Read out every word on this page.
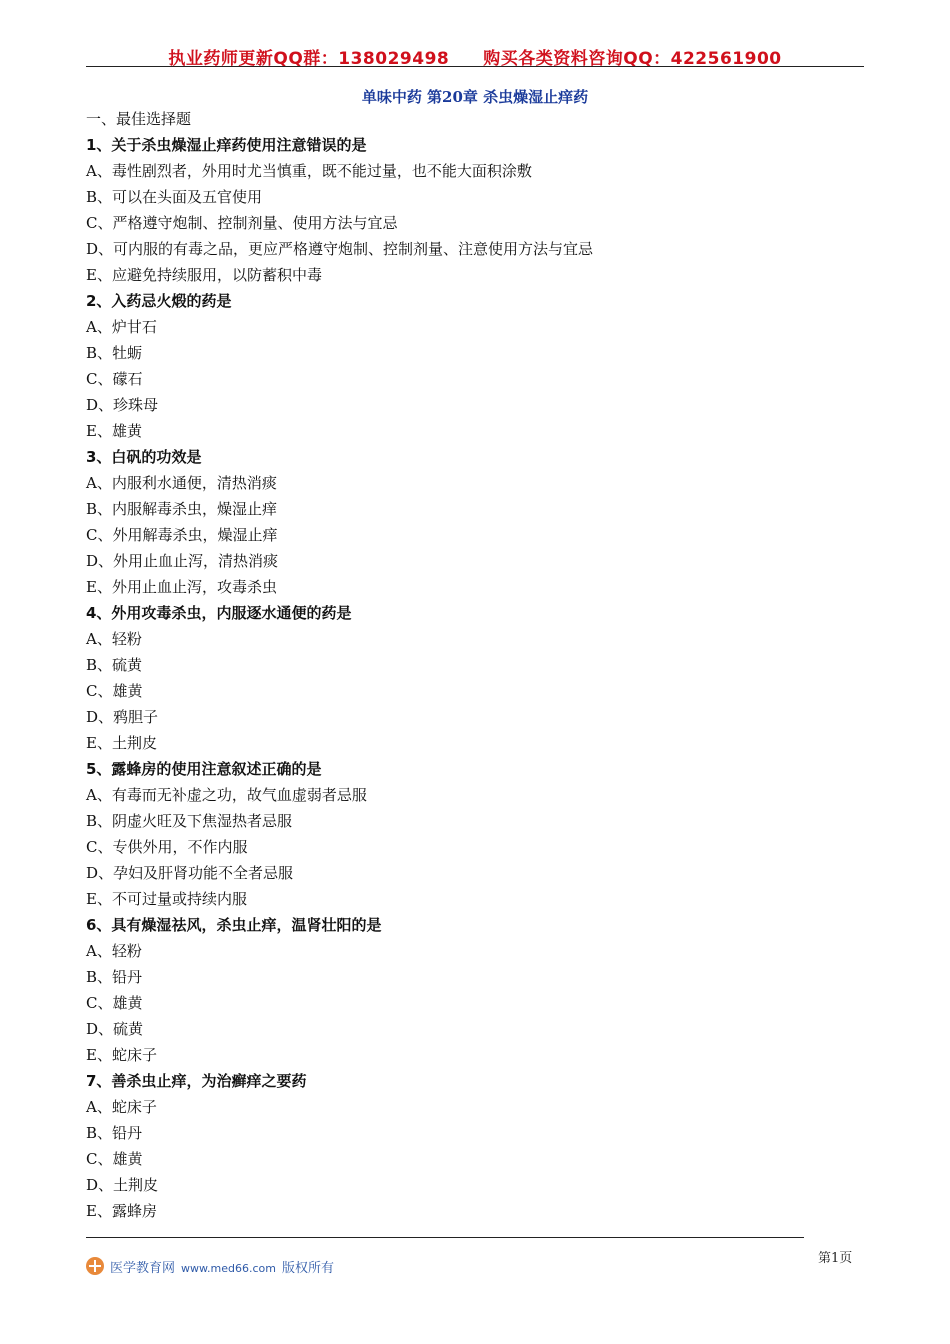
执业药师更新QQ群：138029498 购买各类资料咨询QQ：422561900
单味中药 第20章 杀虫燥湿止痒药
一、最佳选择题
1、关于杀虫燥湿止痒药使用注意错误的是
A、毒性剧烈者，外用时尤当慎重，既不能过量，也不能大面积涂敷
B、可以在头面及五官使用
C、严格遵守炮制、控制剂量、使用方法与宜忌
D、可内服的有毒之品，更应严格遵守炮制、控制剂量、注意使用方法与宜忌
E、应避免持续服用，以防蓄积中毒
2、入药忌火煅的药是
A、炉甘石
B、牡蛎
C、礞石
D、珍珠母
E、雄黄
3、白矾的功效是
A、内服利水通便，清热消痰
B、内服解毒杀虫，燥湿止痒
C、外用解毒杀虫，燥湿止痒
D、外用止血止泻，清热消痰
E、外用止血止泻，攻毒杀虫
4、外用攻毒杀虫，内服逐水通便的药是
A、轻粉
B、硫黄
C、雄黄
D、鸦胆子
E、土荆皮
5、露蜂房的使用注意叙述正确的是
A、有毒而无补虚之功，故气血虚弱者忌服
B、阴虚火旺及下焦湿热者忌服
C、专供外用，不作内服
D、孕妇及肝肾功能不全者忌服
E、不可过量或持续内服
6、具有燥湿祛风，杀虫止痒，温肾壮阳的是
A、轻粉
B、铅丹
C、雄黄
D、硫黄
E、蛇床子
7、善杀虫止痒，为治癣痒之要药
A、蛇床子
B、铅丹
C、雄黄
D、土荆皮
E、露蜂房
医学教育网 www.med66.com 版权所有
第1页
